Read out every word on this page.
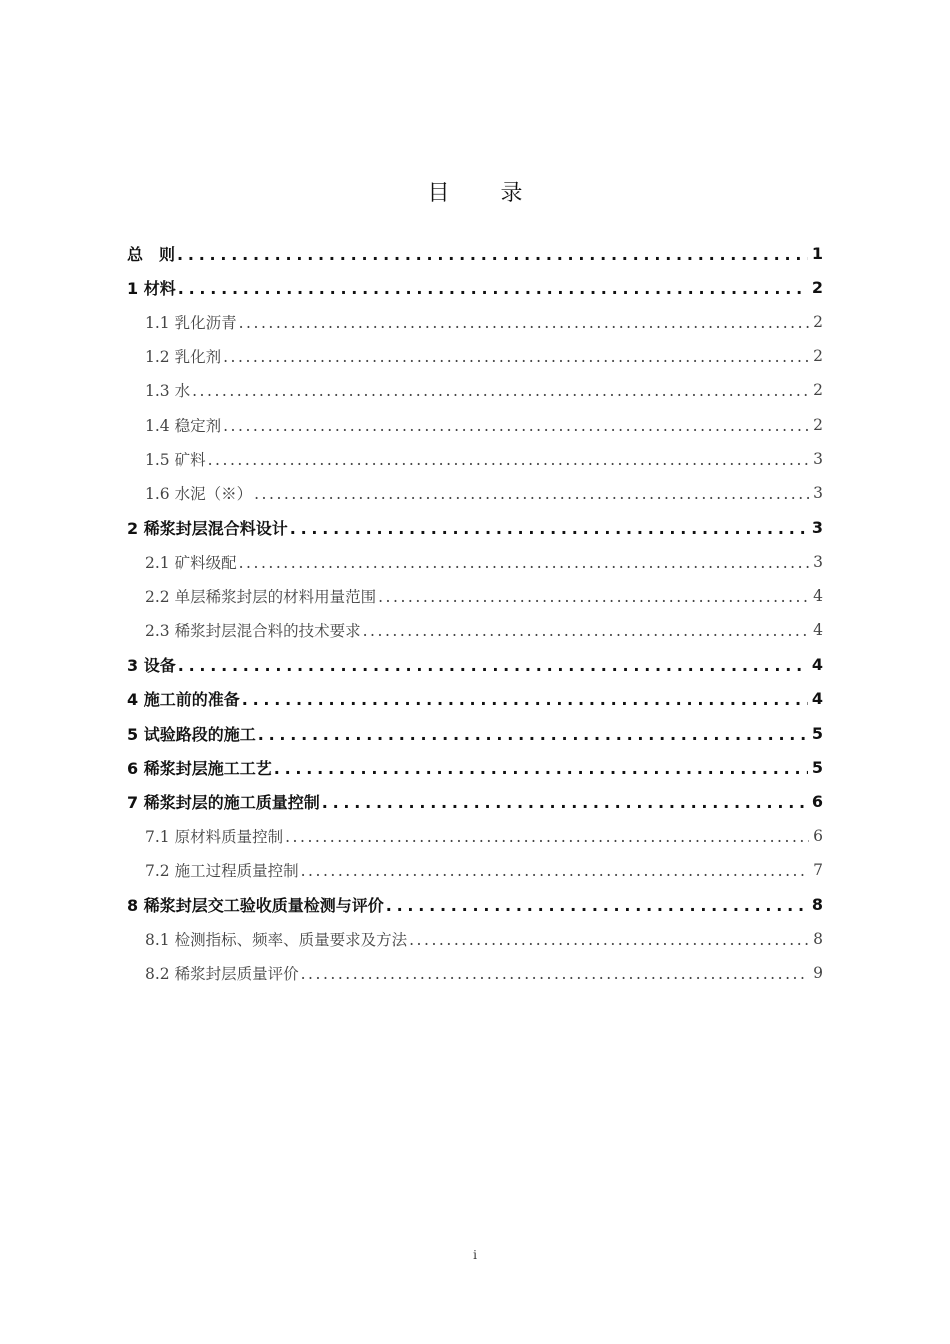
目 录
总　则 . . .	1
1 材料 . . .	2
1.1 乳化沥青 . . .	2
1.2 乳化剂 . . .	2
1.3 水 . . .	2
1.4 稳定剂 . . .	2
1.5 矿料 . . .	3
1.6 水泥（※） . . .	3
2 稀浆封层混合料设计 . . .	3
2.1 矿料级配 . . .	3
2.2 单层稀浆封层的材料用量范围 . . .	4
2.3 稀浆封层混合料的技术要求 . . .	4
3 设备 . . .	4
4 施工前的准备 . . .	4
5 试验路段的施工 . . .	5
6 稀浆封层施工工艺 . . .	5
7 稀浆封层的施工质量控制 . . .	6
7.1 原材料质量控制 . . .	6
7.2 施工过程质量控制 . . .	7
8 稀浆封层交工验收质量检测与评价 . . .	8
8.1 检测指标、频率、质量要求及方法 . . .	8
8.2 稀浆封层质量评价 . . .	9
i
